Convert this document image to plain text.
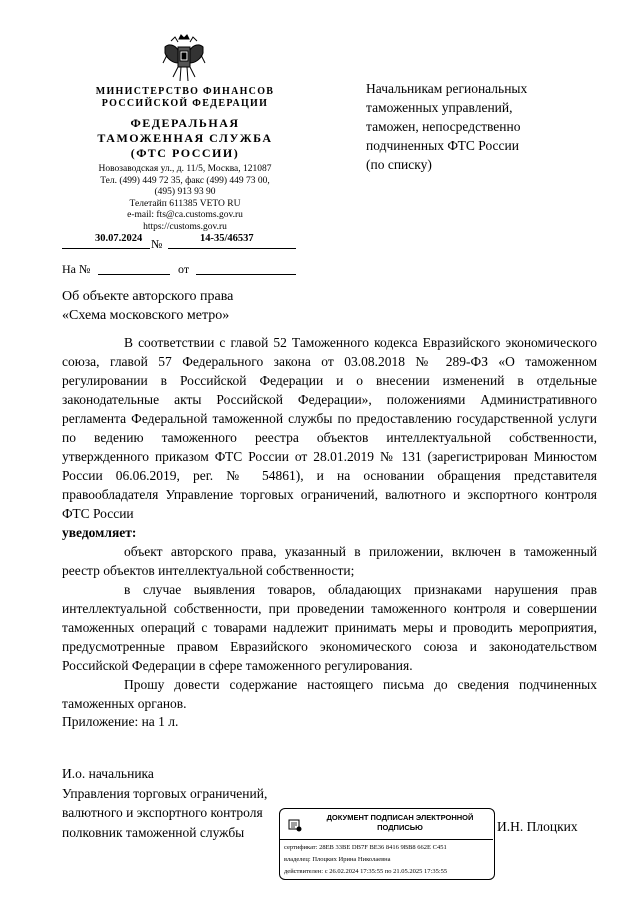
МИНИСТЕРСТВО ФИНАНСОВ
РОССИЙСКОЙ ФЕДЕРАЦИИ
ФЕДЕРАЛЬНАЯ
ТАМОЖЕННАЯ СЛУЖБА
(ФТС РОССИИ)
Новозаводская ул., д. 11/5, Москва, 121087
Тел. (499) 449 72 35, факс (499) 449 73 00,
(495) 913 93 90
Телетайп 611385 VETO RU
e-mail: fts@ca.customs.gov.ru
https://customs.gov.ru
30.07.2024 №	14-35/46537
На №	от
Начальникам региональных
таможенных управлений,
таможен, непосредственно
подчиненных ФТС России
(по списку)
Об объекте авторского права
«Схема московского метро»

В соответствии с главой 52 Таможенного кодекса Евразийского экономического союза, главой 57 Федерального закона от 03.08.2018 № 289-ФЗ «О таможенном регулировании в Российской Федерации и о внесении изменений в отдельные законодательные акты Российской Федерации», положениями Административного регламента Федеральной таможенной службы по предоставлению государственной услуги по ведению таможенного реестра объектов интеллектуальной собственности, утвержденного приказом ФТС России от 28.01.2019 № 131 (зарегистрирован Минюстом России 06.06.2019, рег. № 54861), и на основании обращения представителя правообладателя Управление торговых ограничений, валютного и экспортного контроля ФТС России

уведомляет:

объект авторского права, указанный в приложении, включен в таможенный реестр объектов интеллектуальной собственности;

в случае выявления товаров, обладающих признаками нарушения прав интеллектуальной собственности, при проведении таможенного контроля и совершении таможенных операций с товарами надлежит принимать меры и проводить мероприятия, предусмотренные правом Евразийского экономического союза и законодательством Российской Федерации в сфере таможенного регулирования.

Прошу довести содержание настоящего письма до сведения подчиненных таможенных органов.

Приложение: на 1 л.
И.о. начальника
Управления торговых ограничений,
валютного и экспортного контроля
полковник таможенной службы	И.Н. Плоцких
ДОКУМЕНТ ПОДПИСАН ЭЛЕКТРОННОЙ ПОДПИСЬЮ
сертификат: 28EB 33BE DB7F BE36 8416 9BB8 662E C451
владелец: Плоцких Ирина Николаевна
действителен: с 26.02.2024 17:35:55 по 21.05.2025 17:35:55
